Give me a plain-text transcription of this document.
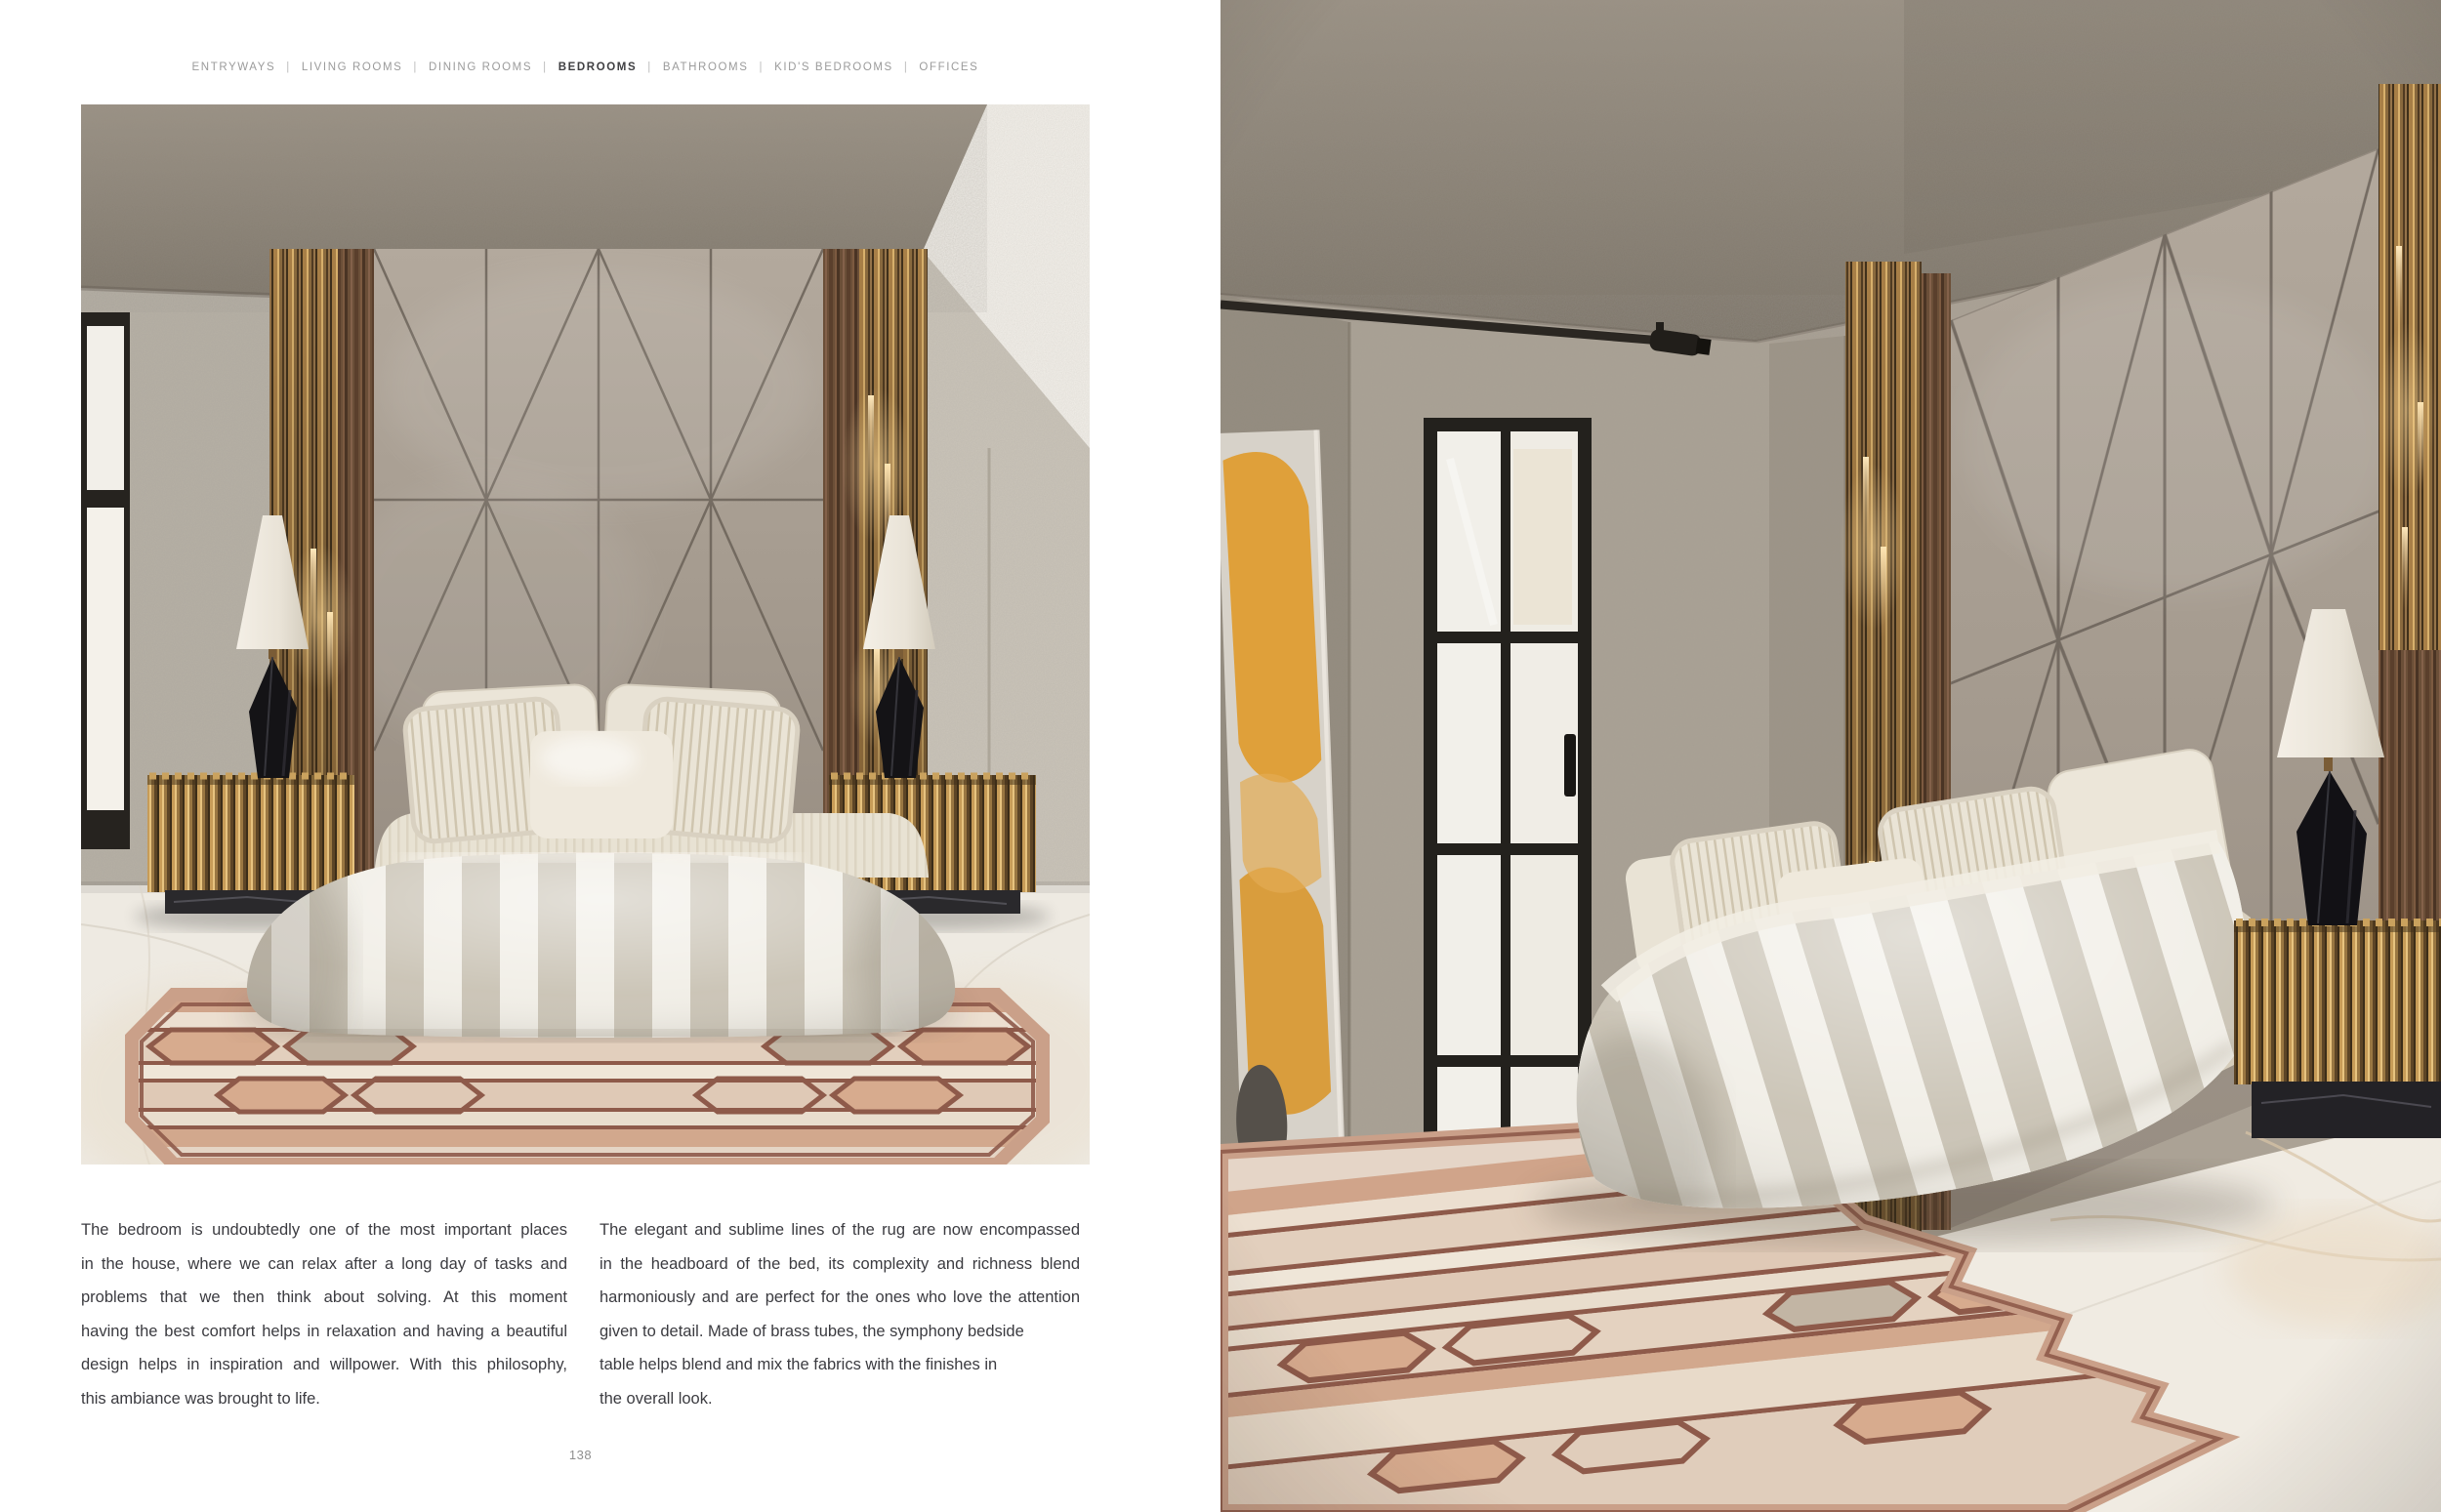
ENTRYWAYS | LIVING ROOMS | DINING ROOMS | BEDROOMS | BATHROOMS | KID'S BEDROOMS | OFFICES
The bedroom is undoubtedly one of the most important places
in the house, where we can relax after a long day of tasks and
problems that we then think about solving. At this moment
having the best comfort helps in relaxation and having a beautiful
design helps in inspiration and willpower. With this philosophy,
this ambiance was brought to life.
The elegant and sublime lines of the rug are now encompassed
in the headboard of the bed, its complexity and richness blend
harmoniously and are perfect for the ones who love the attention
given to detail. Made of brass tubes, the symphony bedside
table helps blend and mix the fabrics with the finishes in
the overall look.
138
